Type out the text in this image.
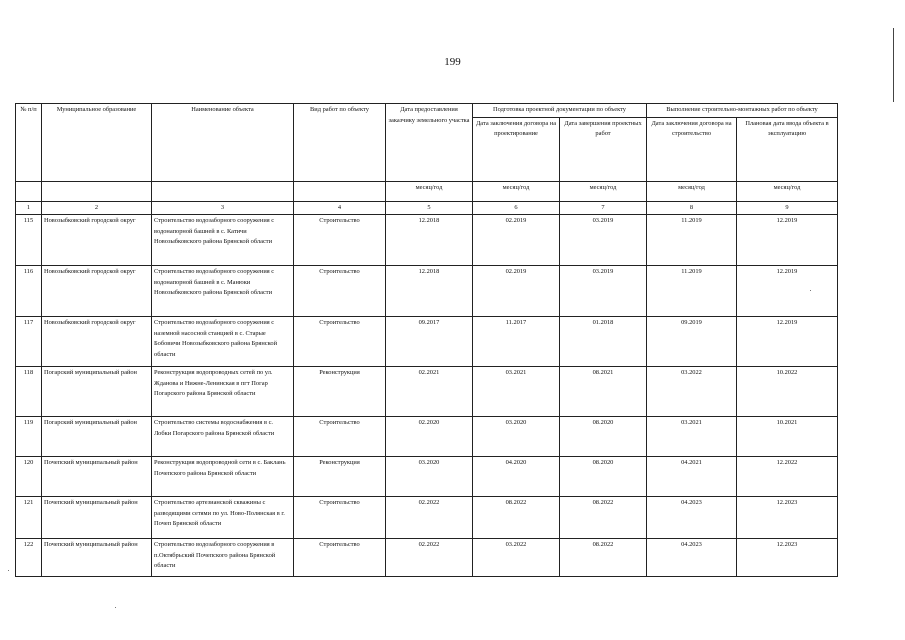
199
№ п/п	Муниципальное образование	Наименование объекта	Вид работ по объекту	Дата предоставления заказчику земельного участка	Подготовка проектной документации по объекту		Выполнение строительно-монтажных работ по объекту	
					Дата заключения договора на проектирование	Дата завершения проектных работ	Дата заключения договора на строительство	Плановая дата ввода объекта в эксплуатацию
				месяц/год	месяц/год	месяц/год	месяц/год	месяц/год
1	2	3	4	5	6	7	8	9
115	Новозыбковский городской округ	Строительство водозаборного сооружения с водонапорной башней в с. Катичи Новозыбковского района Брянской области	Строительство	12.2018	02.2019	03.2019	11.2019	12.2019
116	Новозыбковский городской округ	Строительство водозаборного сооружения с водонапорной башней в с. Манюки Новозыбковского района Брянской области	Строительство	12.2018	02.2019	03.2019	11.2019	12.2019
117	Новозыбковский городской округ	Строительство водозаборного сооружения с наземной насосной станцией в с. Старые Бобовичи Новозыбковского района Брянской области	Строительство	09.2017	11.2017	01.2018	09.2019	12.2019
118	Погарский муниципальный район	Реконструкция водопроводных сетей по ул. Жданова и Нижне-Ленинская в пгт Погар Погарского района Брянской области	Реконструкция	02.2021	03.2021	08.2021	03.2022	10.2022
119	Погарский муниципальный район	Строительство системы водоснабжения в с. Лобки Погарского района Брянской области	Строительство	02.2020	03.2020	08.2020	03.2021	10.2021
120	Почепский муниципальный район	Реконструкция водопроводной сети в с. Баклань Почепского района Брянской области	Реконструкция	03.2020	04.2020	08.2020	04.2021	12.2022
121	Почепский муниципальный район	Строительство артезианской скважины с разводящими сетями по ул. Ново-Полянская в г. Почеп Брянской области	Строительство	02.2022	08.2022	08.2022	04.2023	12.2023
122	Почепский муниципальный район	Строительство водозаборного сооружения в п.Октябрьский Почепского района Брянской области	Строительство	02.2022	03.2022	08.2022	04.2023	12.2023
